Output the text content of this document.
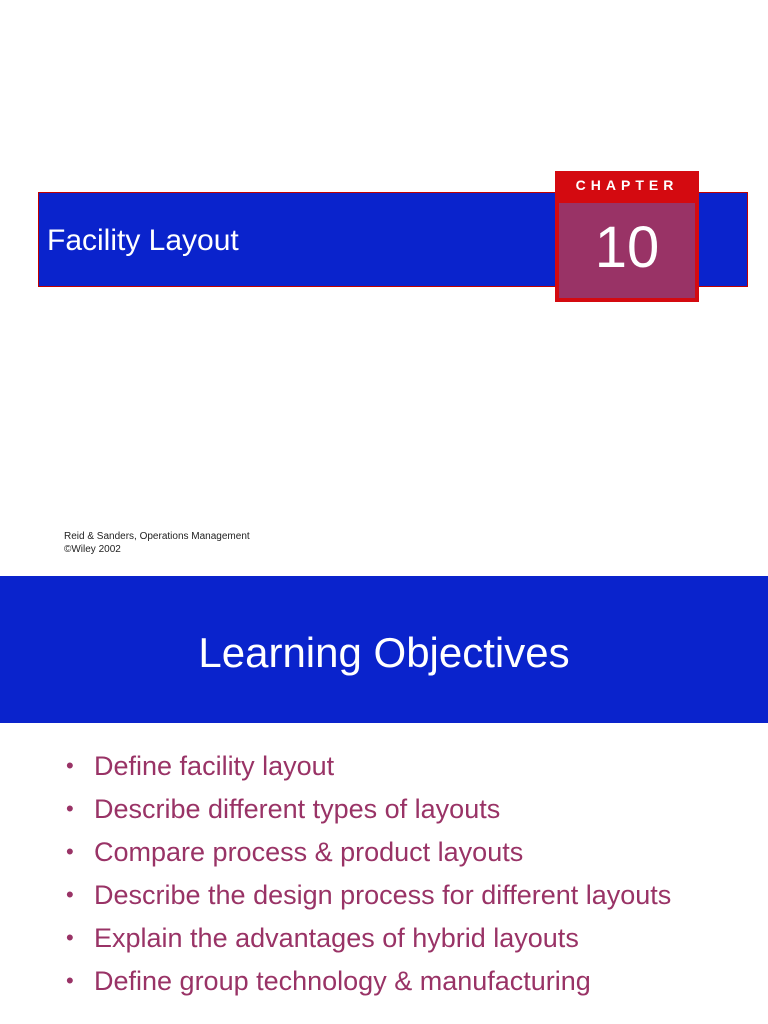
Facility Layout
CHAPTER
10
Reid & Sanders, Operations Management
©Wiley 2002
Learning Objectives
• Define facility layout
• Describe different types of layouts
• Compare process & product layouts
• Describe the design process for different layouts
• Explain the advantages of hybrid layouts
• Define group technology & manufacturing
